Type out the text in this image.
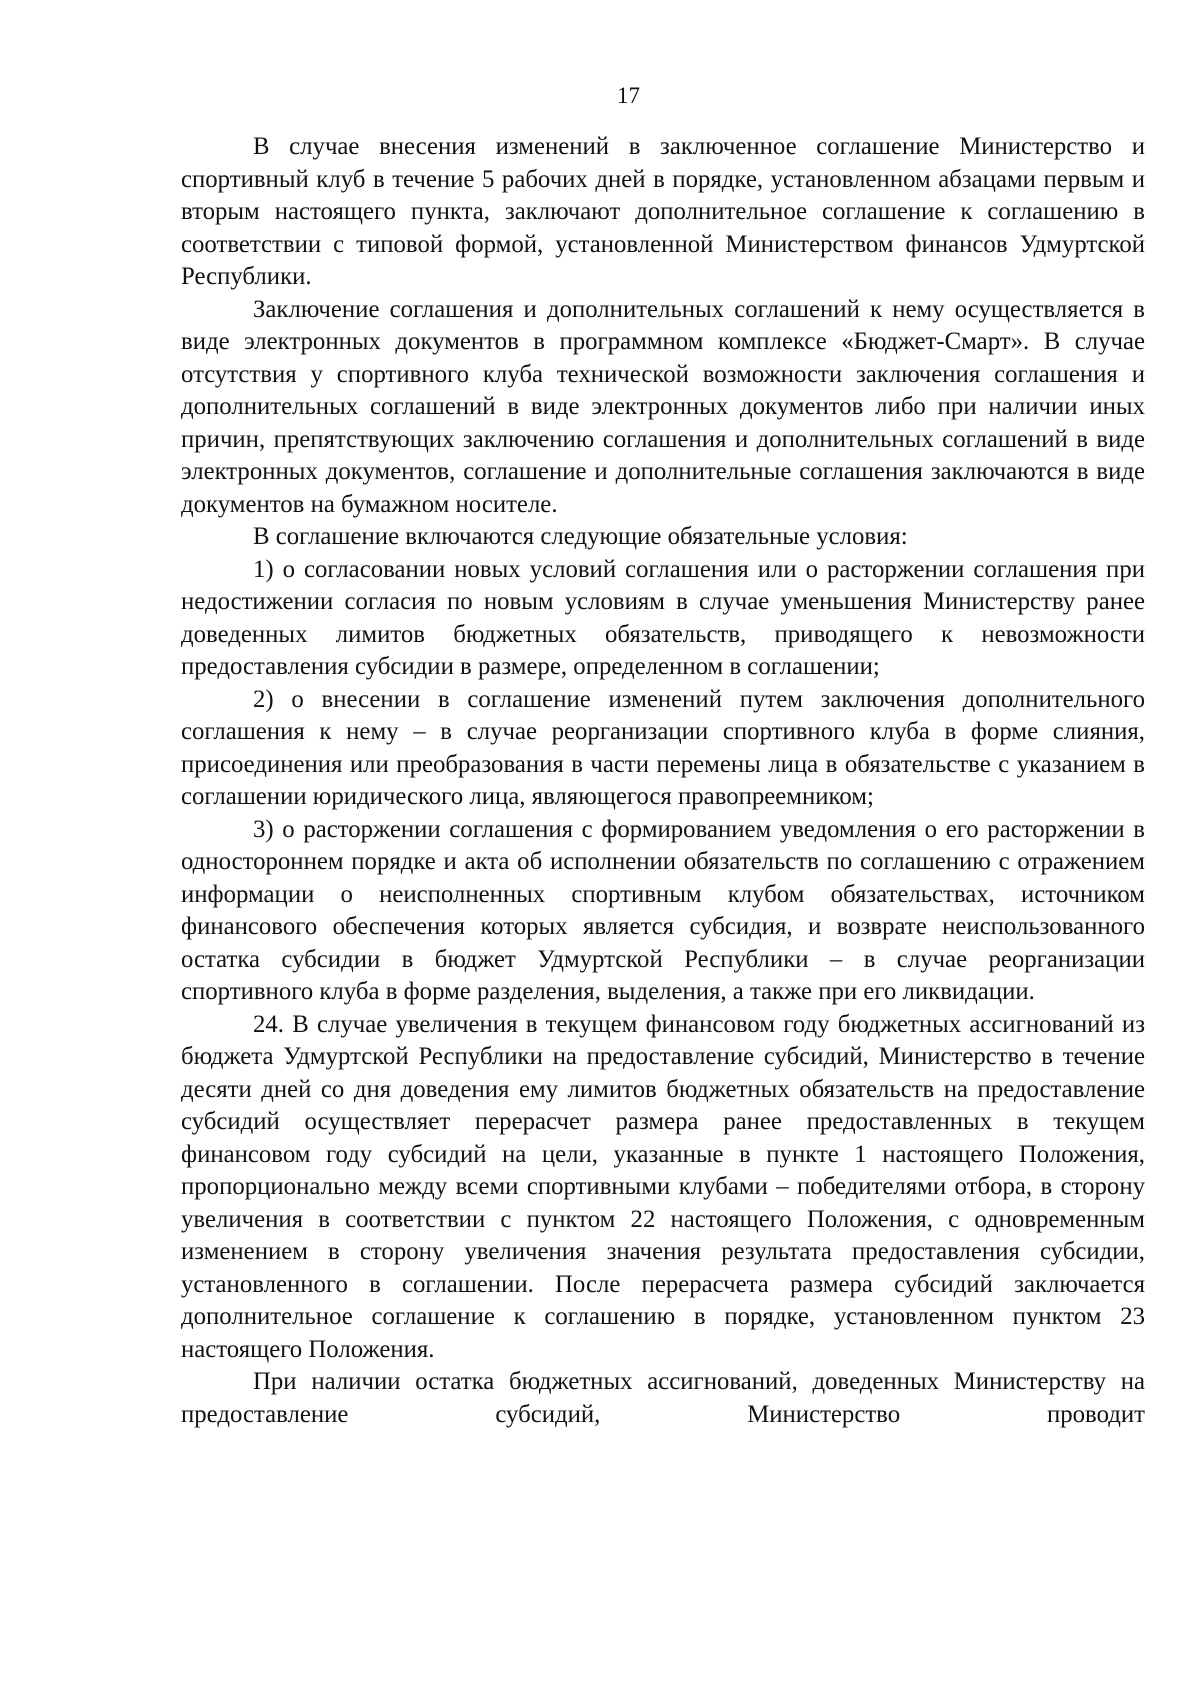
17

В случае внесения изменений в заключенное соглашение Министерство и спортивный клуб в течение 5 рабочих дней в порядке, установленном абзацами первым и вторым настоящего пункта, заключают дополнительное соглашение к соглашению в соответствии с типовой формой, установленной Министерством финансов Удмуртской Республики.

Заключение соглашения и дополнительных соглашений к нему осуществляется в виде электронных документов в программном комплексе «Бюджет-Смарт». В случае отсутствия у спортивного клуба технической возможности заключения соглашения и дополнительных соглашений в виде электронных документов либо при наличии иных причин, препятствующих заключению соглашения и дополнительных соглашений в виде электронных документов, соглашение и дополнительные соглашения заключаются в виде документов на бумажном носителе.

В соглашение включаются следующие обязательные условия:

1) о согласовании новых условий соглашения или о расторжении соглашения при недостижении согласия по новым условиям в случае уменьшения Министерству ранее доведенных лимитов бюджетных обязательств, приводящего к невозможности предоставления субсидии в размере, определенном в соглашении;

2) о внесении в соглашение изменений путем заключения дополнительного соглашения к нему – в случае реорганизации спортивного клуба в форме слияния, присоединения или преобразования в части перемены лица в обязательстве с указанием в соглашении юридического лица, являющегося правопреемником;

3) о расторжении соглашения с формированием уведомления о его расторжении в одностороннем порядке и акта об исполнении обязательств по соглашению с отражением информации о неисполненных спортивным клубом обязательствах, источником финансового обеспечения которых является субсидия, и возврате неиспользованного остатка субсидии в бюджет Удмуртской Республики – в случае реорганизации спортивного клуба в форме разделения, выделения, а также при его ликвидации.

24. В случае увеличения в текущем финансовом году бюджетных ассигнований из бюджета Удмуртской Республики на предоставление субсидий, Министерство в течение десяти дней со дня доведения ему лимитов бюджетных обязательств на предоставление субсидий осуществляет перерасчет размера ранее предоставленных в текущем финансовом году субсидий на цели, указанные в пункте 1 настоящего Положения, пропорционально между всеми спортивными клубами – победителями отбора, в сторону увеличения в соответствии с пунктом 22 настоящего Положения, с одновременным изменением в сторону увеличения значения результата предоставления субсидии, установленного в соглашении. После перерасчета размера субсидий заключается дополнительное соглашение к соглашению в порядке, установленном пунктом 23 настоящего Положения.

При наличии остатка бюджетных ассигнований, доведенных Министерству на предоставление субсидий, Министерство проводит
